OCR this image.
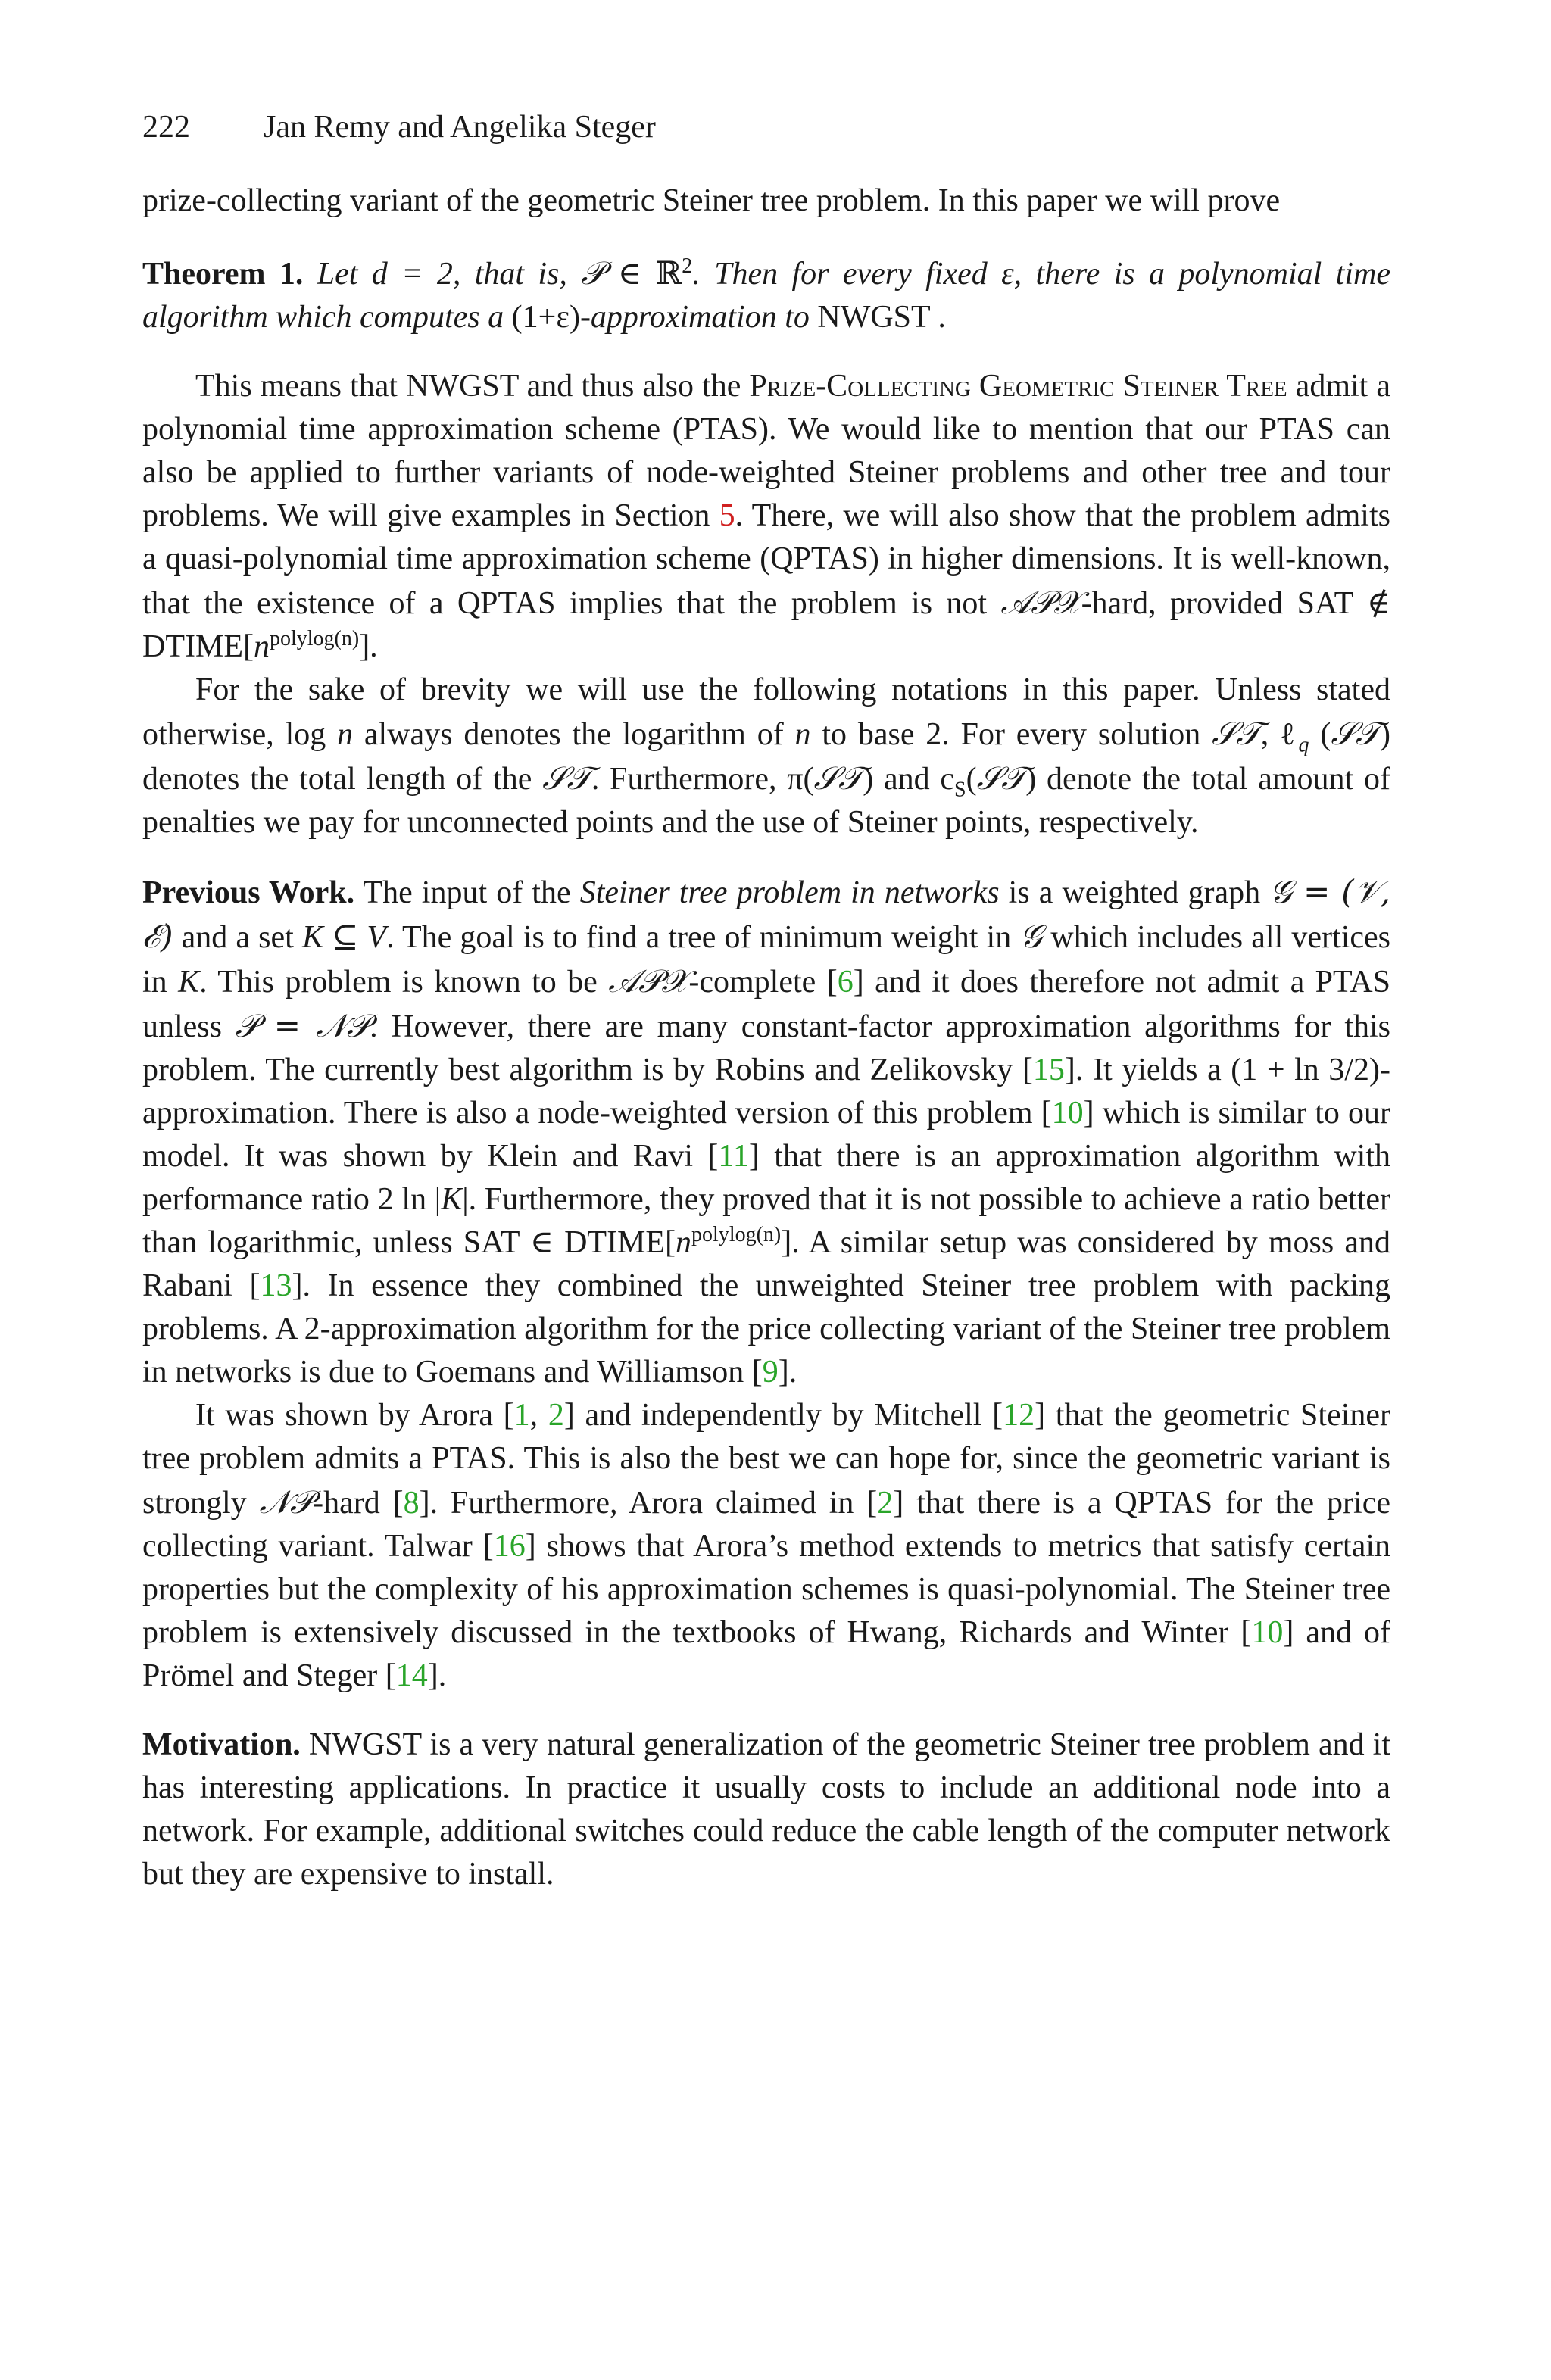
222 Jan Remy and Angelika Steger

prize-collecting variant of the geometric Steiner tree problem. In this paper we will prove

Theorem 1. Let d = 2, that is, 𝒫 ∈ ℝ$^2$. Then for every fixed ε, there is a polynomial time algorithm which computes a (1+ε)-approximation to NWGST .

This means that NWGST and thus also the Prize-Collecting Geometric Steiner Tree admit a polynomial time approximation scheme (PTAS). We would like to mention that our PTAS can also be applied to further variants of node-weighted Steiner problems and other tree and tour problems. We will give examples in Section 5. There, we will also show that the problem admits a quasi-polynomial time approximation scheme (QPTAS) in higher dimensions. It is well-known, that the existence of a QPTAS implies that the problem is not 𝒜𝒫𝒳-hard, provided SAT ∉ $DTIME[n^{polylog(n)}]$.

For the sake of brevity we will use the following notations in this paper. Unless stated otherwise, log n always denotes the logarithm of n to base 2. For every solution 𝒮𝒯, ℓ$_q$ (𝒮𝒯) denotes the total length of the 𝒮𝒯. Furthermore, π(𝒮𝒯) and $c_S(𝒮𝒯)$ denote the total amount of penalties we pay for unconnected points and the use of Steiner points, respectively.

Previous Work. The input of the Steiner tree problem in networks is a weighted graph 𝒢 = (𝒱, ℰ) and a set K ⊆ V. The goal is to find a tree of minimum weight in 𝒢 which includes all vertices in K. This problem is known to be 𝒜𝒫𝒳-complete [6] and it does therefore not admit a PTAS unless 𝒫 = 𝒩𝒫. However, there are many constant-factor approximation algorithms for this problem. The currently best algorithm is by Robins and Zelikovsky [15]. It yields a (1 + ln 3/2)-approximation. There is also a node-weighted version of this problem [10] which is similar to our model. It was shown by Klein and Ravi [11] that there is an approximation algorithm with performance ratio 2 ln |K|. Furthermore, they proved that it is not possible to achieve a ratio better than logarithmic, unless SAT ∈ $DTIME[n^{polylog(n)}]$. A similar setup was considered by moss and Rabani [13]. In essence they combined the unweighted Steiner tree problem with packing problems. A 2-approximation algorithm for the price collecting variant of the Steiner tree problem in networks is due to Goemans and Williamson [9].

It was shown by Arora [1, 2] and independently by Mitchell [12] that the geometric Steiner tree problem admits a PTAS. This is also the best we can hope for, since the geometric variant is strongly 𝒩𝒫-hard [8]. Furthermore, Arora claimed in [2] that there is a QPTAS for the price collecting variant. Talwar [16] shows that Arora’s method extends to metrics that satisfy certain properties but the complexity of his approximation schemes is quasi-polynomial. The Steiner tree problem is extensively discussed in the textbooks of Hwang, Richards and Winter [10] and of Prömel and Steger [14].

Motivation. NWGST is a very natural generalization of the geometric Steiner tree problem and it has interesting applications. In practice it usually costs to include an additional node into a network. For example, additional switches could reduce the cable length of the computer network but they are expensive to install.
